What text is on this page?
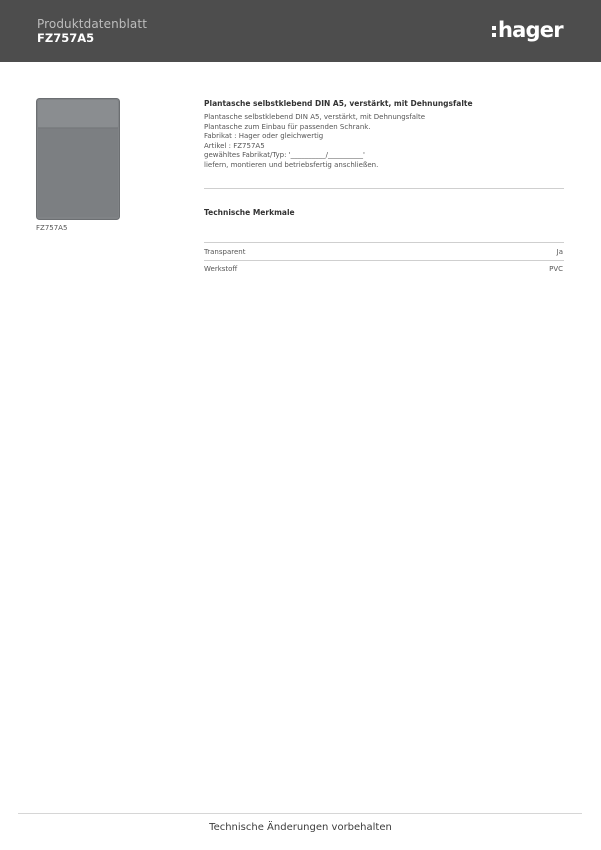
Produktdatenblatt
FZ757A5	hager
FZ757A5

Plantasche selbstklebend DIN A5, verstärkt, mit Dehnungsfalte

Plantasche selbstklebend DIN A5, verstärkt, mit Dehnungsfalte
Plantasche zum Einbau für passenden Schrank.
Fabrikat : Hager oder gleichwertig
Artikel : FZ757A5
gewähltes Fabrikat/Typ: '__________/__________'
liefern, montieren und betriebsfertig anschließen.
Technische Merkmale
Transparent	Ja
Werkstoff	PVC
Technische Änderungen vorbehalten
